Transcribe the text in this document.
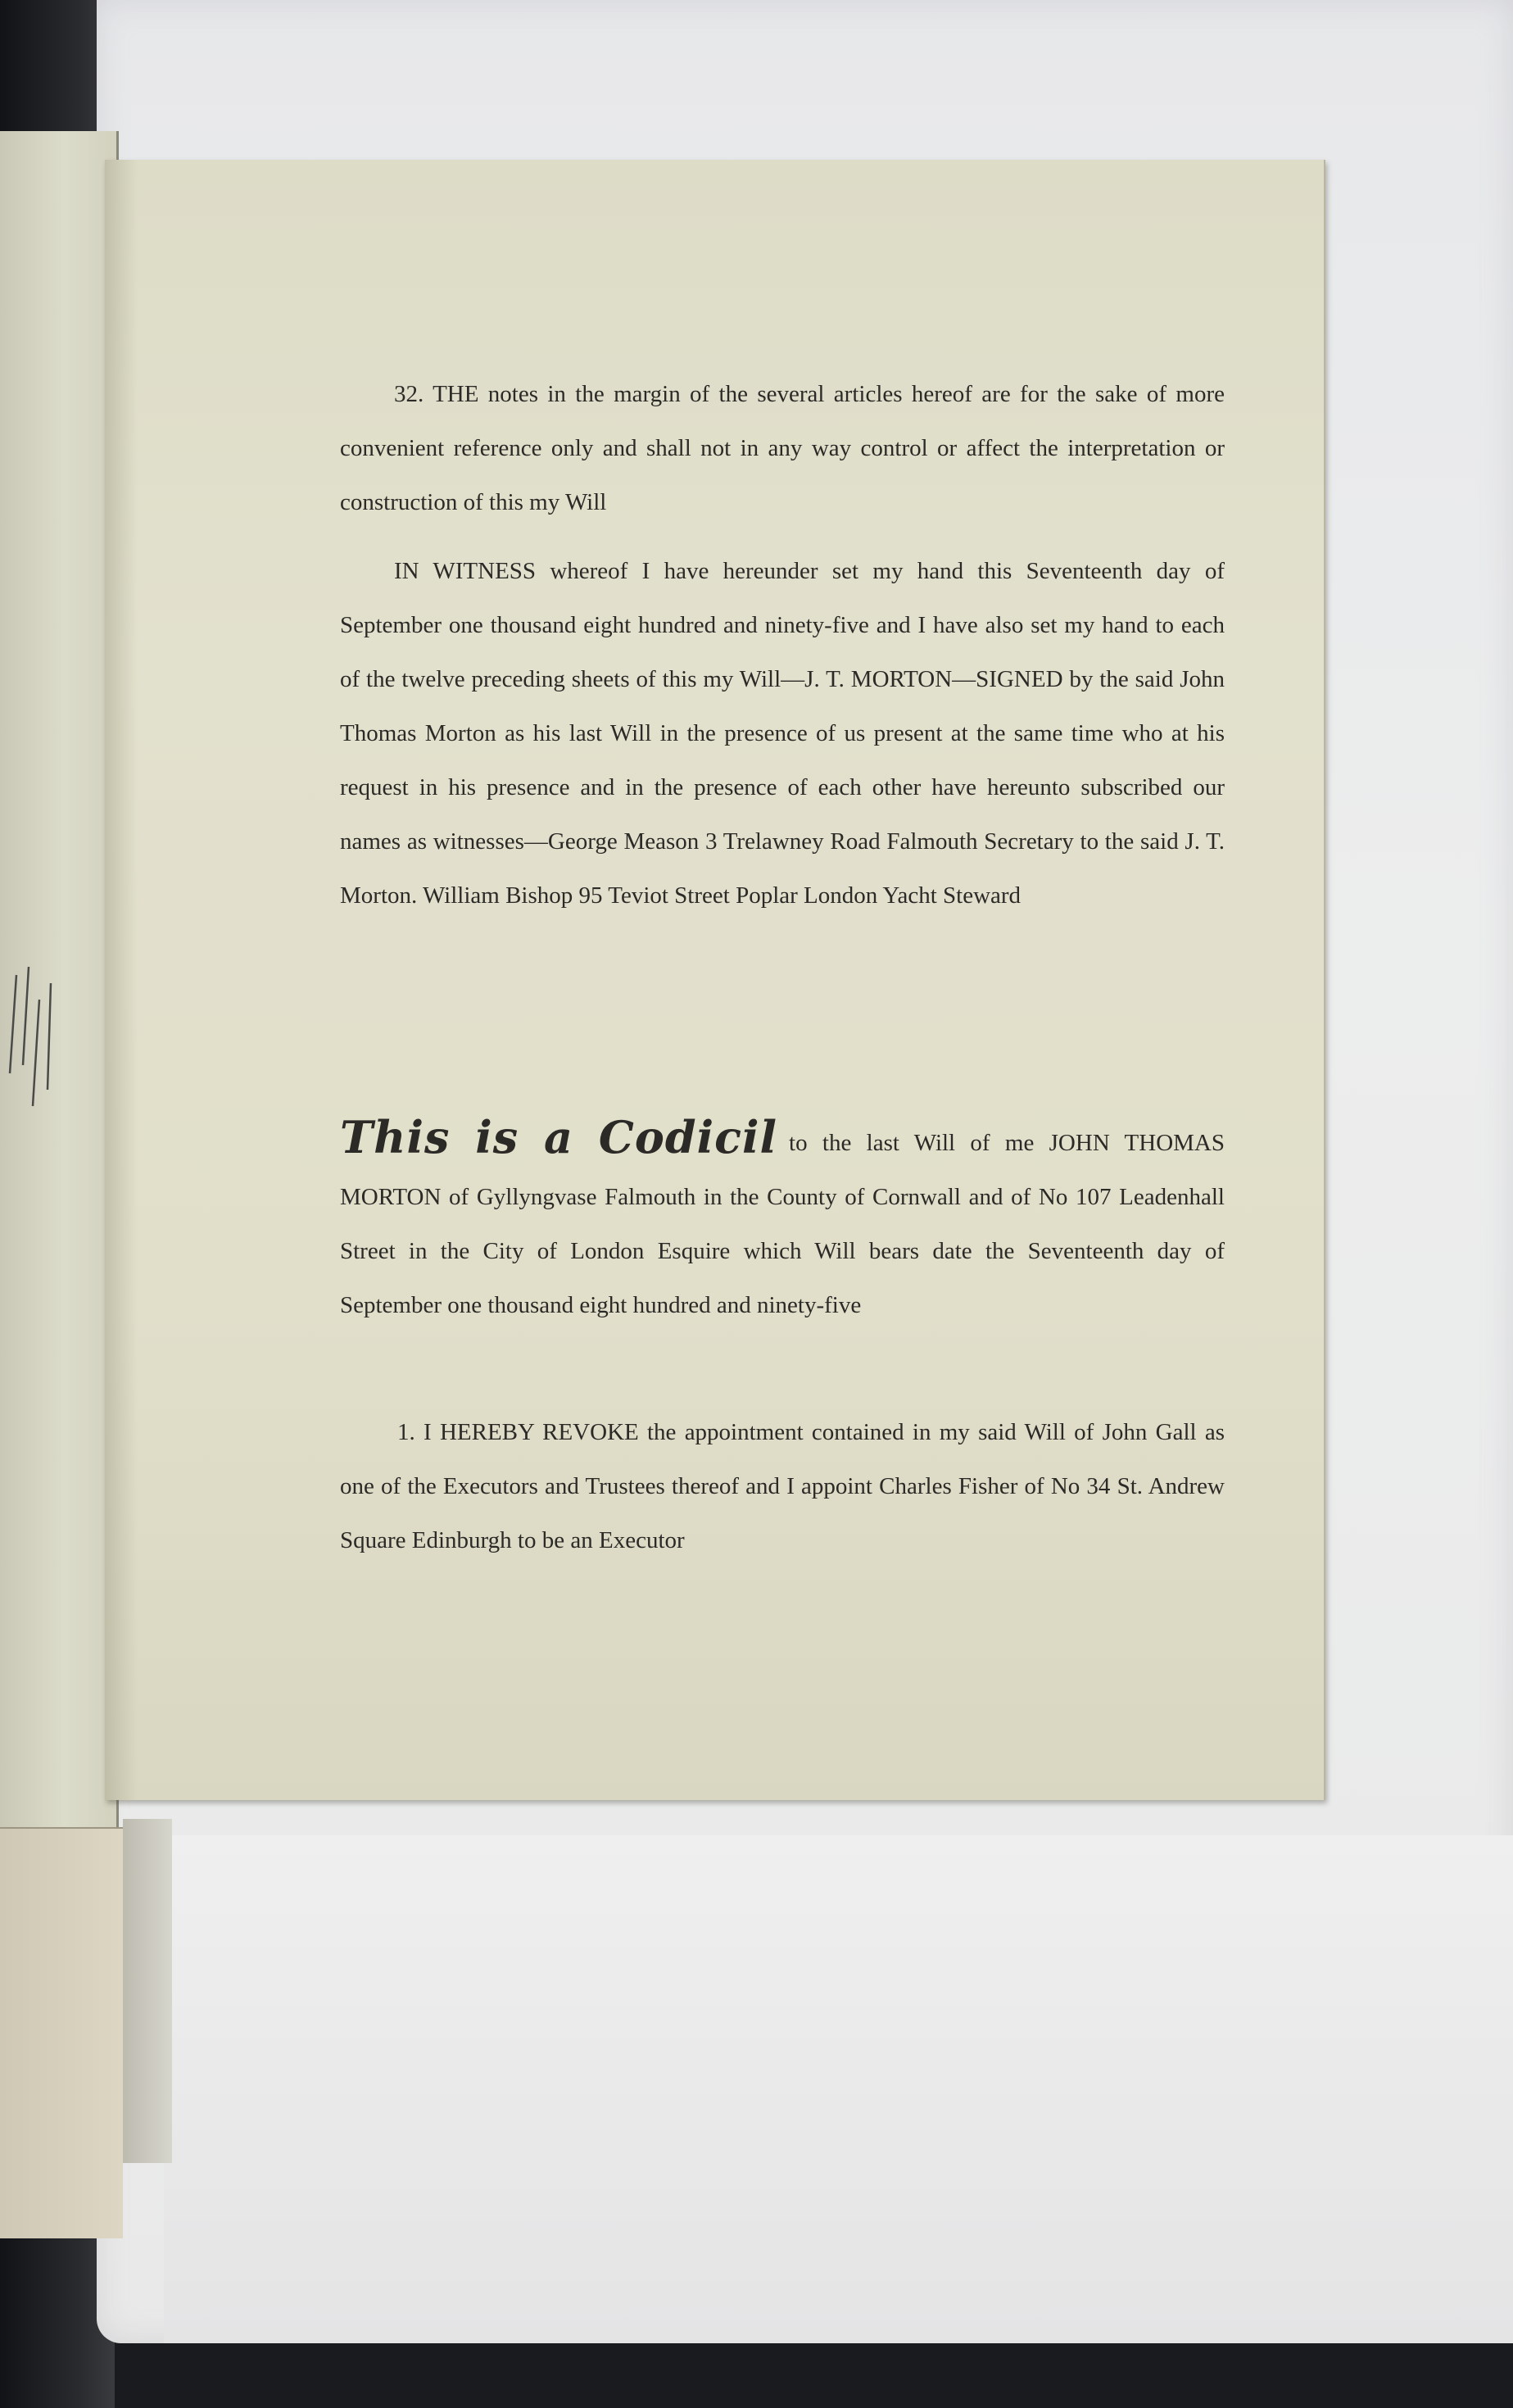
32. THE notes in the margin of the several articles hereof are for the sake of more convenient reference only and shall not in any way control or affect the interpretation or construction of this my Will

IN WITNESS whereof I have hereunder set my hand this Seventeenth day of September one thousand eight hundred and ninety-five and I have also set my hand to each of the twelve preceding sheets of this my Will—J. T. MORTON—SIGNED by the said John Thomas Morton as his last Will in the presence of us present at the same time who at his request in his presence and in the presence of each other have hereunto subscribed our names as witnesses—George Meason 3 Trelawney Road Falmouth Secretary to the said J. T. Morton. William Bishop 95 Teviot Street Poplar London Yacht Steward

This is a Codicil to the last Will of me JOHN THOMAS MORTON of Gyllyngvase Falmouth in the County of Cornwall and of No 107 Leadenhall Street in the City of London Esquire which Will bears date the Seventeenth day of September one thousand eight hundred and ninety-five

1. I HEREBY REVOKE the appointment contained in my said Will of John Gall as one of the Executors and Trustees thereof and I appoint Charles Fisher of No 34 St. Andrew Square Edinburgh to be an Executor
